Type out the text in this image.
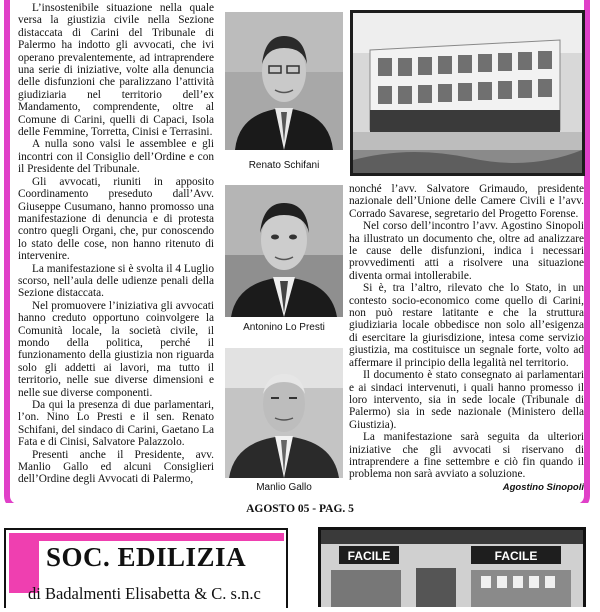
L’insostenibile situazione nella quale versa la giustizia civile nella Sezione distaccata di Carini del Tribunale di Palermo ha indotto gli avvocati, che ivi operano prevalentemente, ad intraprendere una serie di iniziative, volte alla denuncia delle disfunzioni che paralizzano l’attività giudiziaria nel territorio dell’ex Mandamento, comprendente, oltre al Comune di Carini, quelli di Capaci, Isola delle Femmine, Torretta, Cinisi e Terrasini.

A nulla sono valsi le assemblee e gli incontri con il Consiglio dell’Ordine e con il Presidente del Tribunale.

Gli avvocati, riuniti in apposito Coordinamento preseduto dall’Avv. Giuseppe Cusumano, hanno promosso una manifestazione di denuncia e di protesta contro quegli Organi, che, pur conoscendo lo stato delle cose, non hanno ritenuto di intervenire.

La manifestazione si è svolta il 4 Luglio scorso, nell’aula delle udienze penali della Sezione distaccata.

Nel promuovere l’iniziativa gli avvocati hanno creduto opportuno coinvolgere la Comunità locale, la società civile, il mondo della politica, perché il funzionamento della giustizia non riguarda solo gli addetti ai lavori, ma tutto il territorio, nelle sue diverse dimensioni e nelle sue diverse componenti.

Da qui la presenza di due parlamentari, l’on. Nino Lo Presti e il sen. Renato Schifani, del sindaco di Carini, Gaetano La Fata e di Cinisi, Salvatore Palazzolo.

Presenti anche il Presidente, avv. Manlio Gallo ed alcuni Consiglieri dell’Ordine degli Avvocati di Palermo,

Renato Schifani
Antonino Lo Presti
Manlio Gallo

nonché l’avv. Salvatore Grimaudo, presidente nazionale dell’Unione delle Camere Civili e l’avv. Corrado Savarese, segretario del Progetto Forense.

Nel corso dell’incontro l’avv. Agostino Sinopoli ha illustrato un documento che, oltre ad analizzare le cause delle disfunzioni, indica i necessari provvedimenti atti a risolvere una situazione diventa ormai intollerabile.

Si è, tra l’altro, rilevato che lo Stato, in un contesto socio-economico come quello di Carini, non può restare latitante e che la struttura giudiziaria locale obbedisce non solo all’esigenza di esercitare la giurisdizione, intesa come servizio giustizia, ma costituisce un segnale forte, volto ad affermare il principio della legalità nel territorio.

Il documento è stato consegnato ai parlamentari e ai sindaci intervenuti, i quali hanno promesso il loro intervento, sia in sede locale (Tribunale di Palermo) sia in sede nazionale (Ministero della Giustizia).

La manifestazione sarà seguita da ulteriori iniziative che gli avvocati si riservano di intraprendere a fine settembre e ciò fin quando il problema non sarà avviato a soluzione.

Agostino Sinopoli
AGOSTO 05 - PAG. 5
SOC. EDILIZIA
di Badalmenti Elisabetta & C. s.n.c
FACILE	FACILE
